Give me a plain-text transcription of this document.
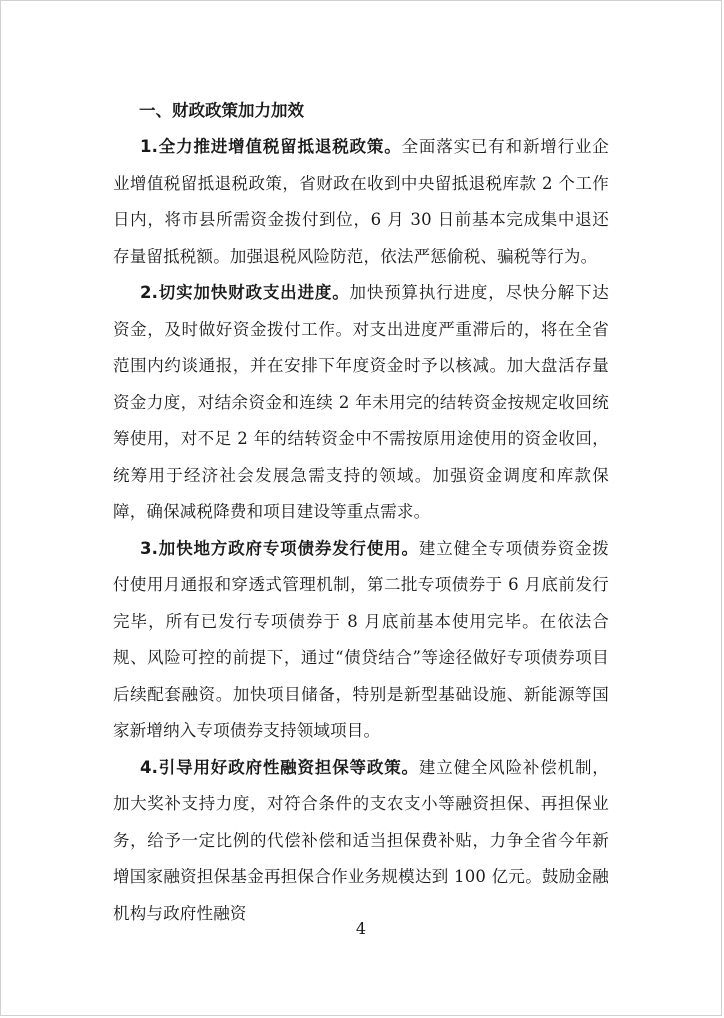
一、财政政策加力加效

1.全力推进增值税留抵退税政策。全面落实已有和新增行业企业增值税留抵退税政策，省财政在收到中央留抵退税库款 2 个工作日内，将市县所需资金拨付到位，6 月 30 日前基本完成集中退还存量留抵税额。加强退税风险防范，依法严惩偷税、骗税等行为。

2.切实加快财政支出进度。加快预算执行进度，尽快分解下达资金，及时做好资金拨付工作。对支出进度严重滞后的，将在全省范围内约谈通报，并在安排下年度资金时予以核减。加大盘活存量资金力度，对结余资金和连续 2 年未用完的结转资金按规定收回统筹使用，对不足 2 年的结转资金中不需按原用途使用的资金收回，统筹用于经济社会发展急需支持的领域。加强资金调度和库款保障，确保减税降费和项目建设等重点需求。

3.加快地方政府专项债券发行使用。建立健全专项债券资金拨付使用月通报和穿透式管理机制，第二批专项债券于 6 月底前发行完毕，所有已发行专项债券于 8 月底前基本使用完毕。在依法合规、风险可控的前提下，通过“债贷结合”等途径做好专项债券项目后续配套融资。加快项目储备，特别是新型基础设施、新能源等国家新增纳入专项债券支持领域项目。

4.引导用好政府性融资担保等政策。建立健全风险补偿机制，加大奖补支持力度，对符合条件的支农支小等融资担保、再担保业务，给予一定比例的代偿补偿和适当担保费补贴，力争全省今年新增国家融资担保基金再担保合作业务规模达到 100 亿元。鼓励金融机构与政府性融资

4
